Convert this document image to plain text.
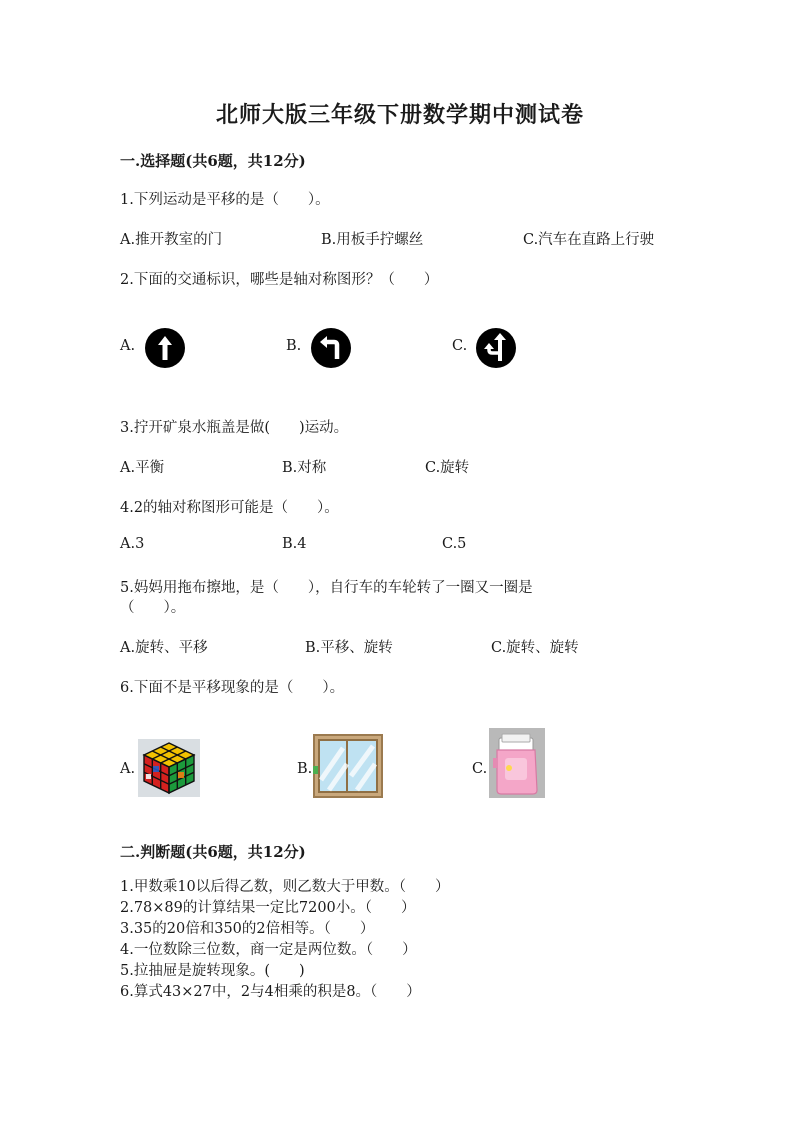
北师大版三年级下册数学期中测试卷
一.选择题(共6题，共12分)
1.下列运动是平移的是（　　）。
A.推开教室的门	B.用板手拧螺丝	C.汽车在直路上行驶
2.下面的交通标识，哪些是轴对称图形？（　　）
A.	B.	C.
3.拧开矿泉水瓶盖是做(　　)运动。
A.平衡	B.对称	C.旋转
4.2的轴对称图形可能是（　　）。
A.3	B.4	C.5
5.妈妈用拖布擦地，是（　　），自行车的车轮转了一圈又一圈是
（　　）。
A.旋转、平移	B.平移、旋转	C.旋转、旋转
6.下面不是平移现象的是（　　）。
A.	B.	C.
二.判断题(共6题，共12分)
1.甲数乘10以后得乙数，则乙数大于甲数。（　　）
2.78×89的计算结果一定比7200小。（　　）
3.35的20倍和350的2倍相等。（　　）
4.一位数除三位数，商一定是两位数。（　　）
5.拉抽屉是旋转现象。(　　)
6.算式43×27中，2与4相乘的积是8。（　　）
